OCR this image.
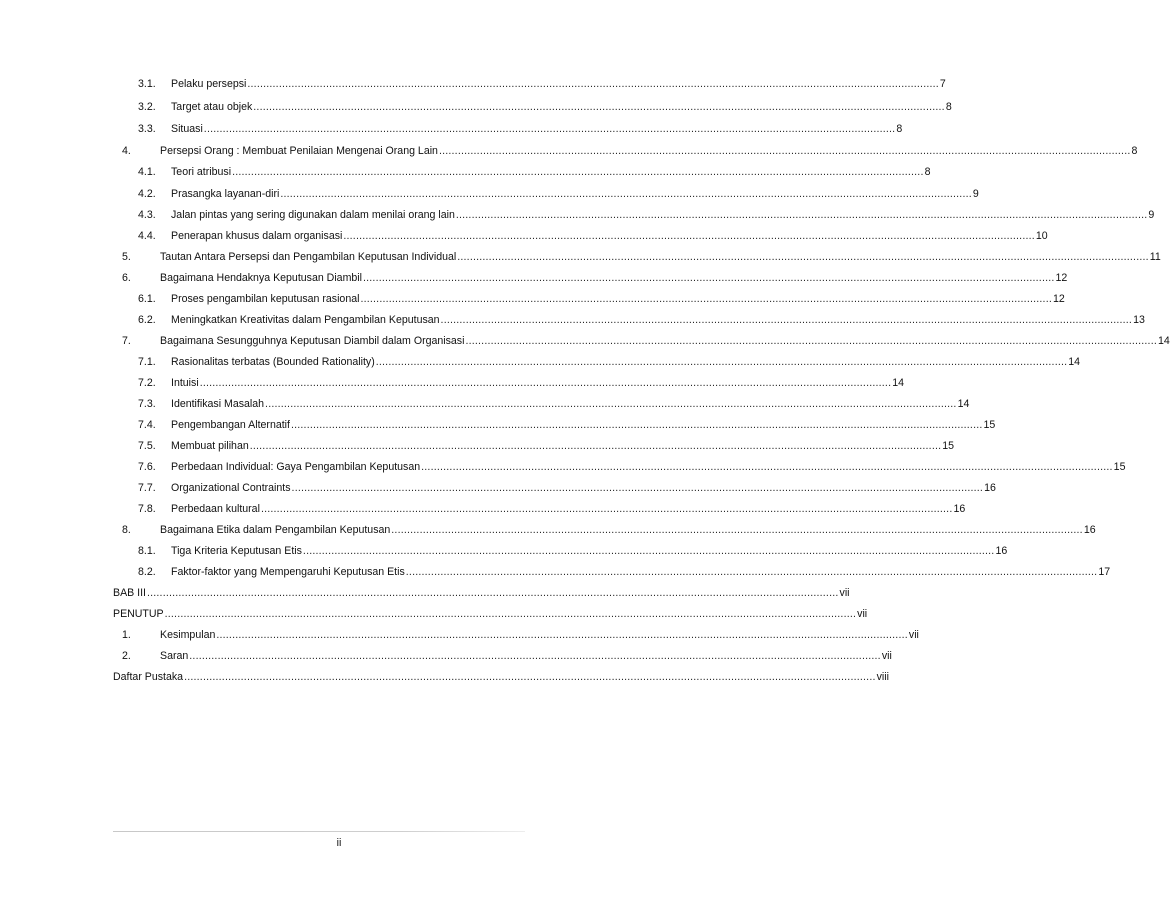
3.1.	Pelaku persepsi ............................................................................................................................................................................................................................ 7
3.2.	Target atau objek ............................................................................................................................................................................................................................ 8
3.3.	Situasi ............................................................................................................................................................................................................................ 8
4.	Persepsi Orang : Membuat Penilaian Mengenai Orang Lain ............................................................................................................................................................................................................................ 8
4.1.	Teori atribusi ............................................................................................................................................................................................................................ 8
4.2.	Prasangka layanan-diri ............................................................................................................................................................................................................................ 9
4.3.	Jalan pintas yang sering digunakan dalam menilai orang lain ............................................................................................................................................................................................................................ 9
4.4.	Penerapan khusus dalam organisasi ............................................................................................................................................................................................................................ 10
5.	Tautan Antara Persepsi dan Pengambilan Keputusan Individual ............................................................................................................................................................................................................................ 11
6.	Bagaimana Hendaknya Keputusan Diambil ............................................................................................................................................................................................................................ 12
6.1.	Proses pengambilan keputusan rasional ............................................................................................................................................................................................................................ 12
6.2.	Meningkatkan Kreativitas dalam Pengambilan Keputusan ............................................................................................................................................................................................................................ 13
7.	Bagaimana Sesungguhnya Keputusan Diambil dalam Organisasi ............................................................................................................................................................................................................................ 14
7.1.	Rasionalitas terbatas (Bounded Rationality) ............................................................................................................................................................................................................................ 14
7.2.	Intuisi ............................................................................................................................................................................................................................ 14
7.3.	Identifikasi Masalah ............................................................................................................................................................................................................................ 14
7.4.	Pengembangan Alternatif ............................................................................................................................................................................................................................ 15
7.5.	Membuat pilihan ............................................................................................................................................................................................................................ 15
7.6.	Perbedaan Individual: Gaya Pengambilan Keputusan ............................................................................................................................................................................................................................ 15
7.7.	Organizational Contraints ............................................................................................................................................................................................................................ 16
7.8.	Perbedaan kultural ............................................................................................................................................................................................................................ 16
8.	Bagaimana Etika dalam Pengambilan Keputusan ............................................................................................................................................................................................................................ 16
8.1.	Tiga Kriteria Keputusan Etis ............................................................................................................................................................................................................................ 16
8.2.	Faktor-faktor yang Mempengaruhi Keputusan Etis ............................................................................................................................................................................................................................ 17
BAB III ............................................................................................................................................................................................................................ vii
PENUTUP ............................................................................................................................................................................................................................ vii
1.	Kesimpulan ............................................................................................................................................................................................................................ vii
2.	Saran ............................................................................................................................................................................................................................ vii
Daftar Pustaka ............................................................................................................................................................................................................................ viii
ii
